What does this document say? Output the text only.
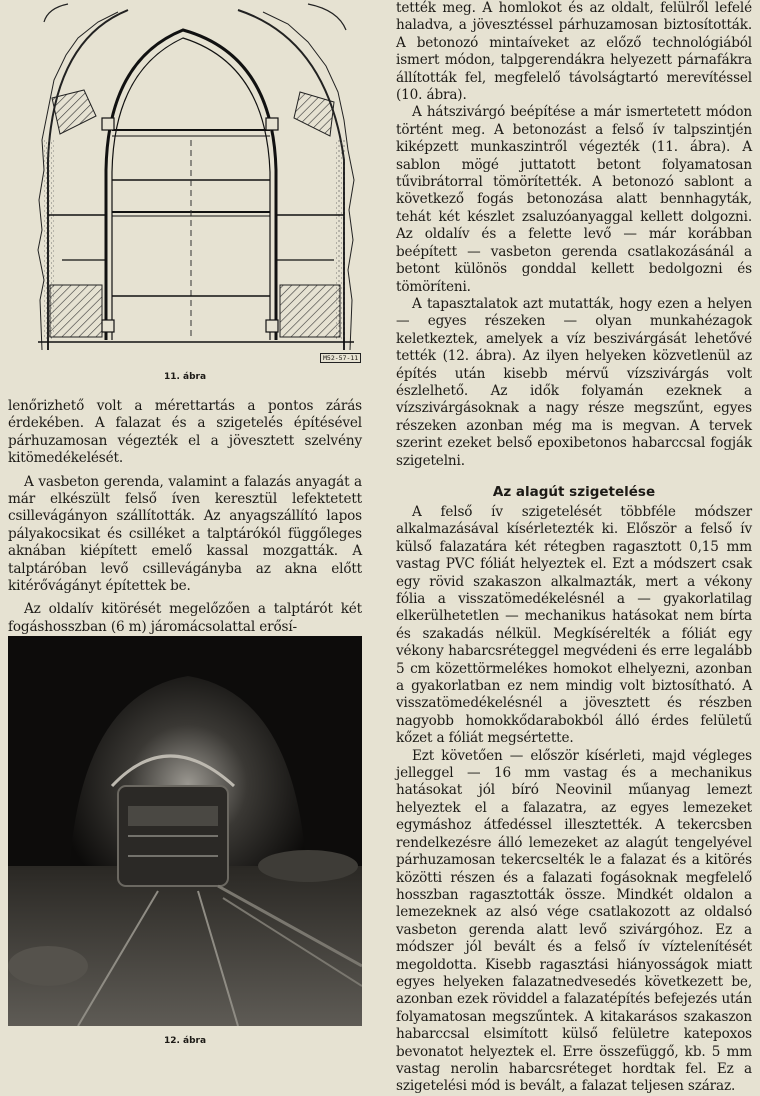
M52-57-11

11. ábra

lenőrizhető volt a mérettartás a pontos zárás érdekében. A falazat és a szigetelés építésével párhuzamosan végezték el a jövesztett szelvény kitömedékelését.

A vasbeton gerenda, valamint a falazás anyagát a már elkészült felső íven keresztül lefektetett csillevágányon szállították. Az anyagszállító lapos pályakocsikat és csilléket a talptárókól függőleges aknában kiépített emelő kassal mozgatták. A talptáróban levő csillevágányba az akna előtt kitérővágányt építettek be.

Az oldalív kitörését megelőzően a talptárót két fogáshosszban (6 m) járomácsolattal erősí-

12. ábra

tették meg. A homlokot és az oldalt, felülről lefelé haladva, a jövesztéssel párhuzamosan biztosították. A betonozó mintaíveket az előző technológiából ismert módon, talpgerendákra helyezett párnafákra állították fel, megfelelő távolságtartó merevítéssel (10. ábra).

A hátszivárgó beépítése a már ismertetett módon történt meg. A betonozást a felső ív talpszintjén kiképzett munkaszintről végezték (11. ábra). A sablon mögé juttatott betont folyamatosan tűvibrátorral tömörítették. A betonozó sablont a következő fogás betonozása alatt bennhagyták, tehát két készlet zsaluzóanyaggal kellett dolgozni. Az oldalív és a felette levő — már korábban beépített — vasbeton gerenda csatlakozásánál a betont különös gonddal kellett bedolgozni és tömöríteni.

A tapasztalatok azt mutatták, hogy ezen a helyen — egyes részeken — olyan munkahézagok keletkeztek, amelyek a víz beszivárgását lehetővé tették (12. ábra). Az ilyen helyeken közvetlenül az építés után kisebb mérvű vízszivárgás volt észlelhető. Az idők folyamán ezeknek a vízszivárgásoknak a nagy része megszűnt, egyes részeken azonban még ma is megvan. A tervek szerint ezeket belső epoxibetonos habarccsal fogják szigetelni.

Az alagút szigetelése

A felső ív szigetelését többféle módszer alkalmazásával kísérletezték ki. Először a felső ív külső falazatára két rétegben ragasztott 0,15 mm vastag PVC fóliát helyeztek el. Ezt a módszert csak egy rövid szakaszon alkalmazták, mert a vékony fólia a visszatömedékelésnél a — gyakorlatilag elkerülhetetlen — mechanikus hatásokat nem bírta és szakadás nélkül. Megkísérelték a fóliát egy vékony habarcsréteggel megvédeni és erre legalább 5 cm közettörmelékes homokot elhelyezni, azonban a gyakorlatban ez nem mindig volt biztosítható. A visszatömedékelésnél a jövesztett és részben nagyobb homokkődarabokból álló érdes felületű kőzet a fóliát megsértette.

Ezt követően — először kísérleti, majd végleges jelleggel — 16 mm vastag és a mechanikus hatásokat jól bíró Neovinil műanyag lemezt helyeztek el a falazatra, az egyes lemezeket egymáshoz átfedéssel illesztették. A tekercsben rendelkezésre álló lemezeket az alagút tengelyével párhuzamosan tekercselték le a falazat és a kitörés közötti részen és a falazati fogásoknak megfelelő hosszban ragasztották össze. Mindkét oldalon a lemezeknek az alsó vége csatlakozott az oldalsó vasbeton gerenda alatt levő szivárgóhoz. Ez a módszer jól bevált és a felső ív víztelenítését megoldotta. Kisebb ragasztási hiányosságok miatt egyes helyeken falazatnedvesedés következett be, azonban ezek röviddel a falazatépítés befejezés után folyamatosan megszűntek. A kitakarásos szakaszon habarccsal elsimított külső felületre katepoxos bevonatot helyeztek el. Erre összefüggő, kb. 5 mm vastag nerolin habarcsréteget hordtak fel. Ez a szigetelési mód is bevált, a falazat teljesen száraz.
